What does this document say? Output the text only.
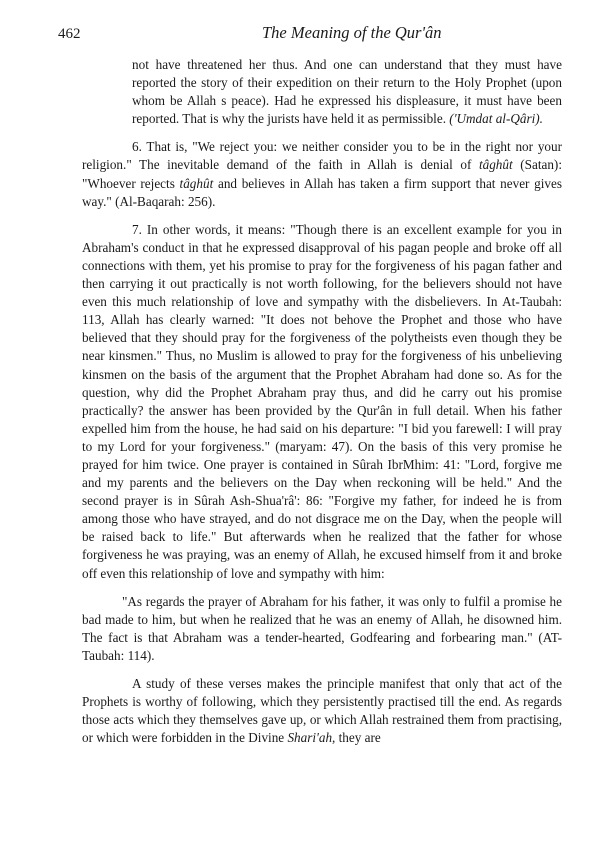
462	The Meaning of the Qur'ân

not have threatened her thus. And one can understand that they must have reported the story of their expedition on their return to the Holy Prophet (upon whom be Allah s peace). Had he expressed his displeasure, it must have been reported. That is why the jurists have held it as permissible. ('Umdat al-Qâri).

6. That is, "We reject you: we neither consider you to be in the right nor your religion." The inevitable demand of the faith in Allah is denial of tâghût (Satan): "Whoever rejects tâghût and believes in Allah has taken a firm support that never gives way." (Al-Baqarah: 256).

7. In other words, it means: "Though there is an excellent example for you in Abraham's conduct in that he expressed disapproval of his pagan people and broke off all connections with them, yet his promise to pray for the forgiveness of his pagan father and then carrying it out practically is not worth following, for the believers should not have even this much relationship of love and sympathy with the disbelievers. In At-Taubah: 113, Allah has clearly warned: "It does not behove the Prophet and those who have believed that they should pray for the forgiveness of the polytheists even though they be near kinsmen." Thus, no Muslim is allowed to pray for the forgiveness of his unbelieving kinsmen on the basis of the argument that the Prophet Abraham had done so. As for the question, why did the Prophet Abraham pray thus, and did he carry out his promise practically? the answer has been provided by the Qur'ân in full detail. When his father expelled him from the house, he had said on his departure: "I bid you farewell: I will pray to my Lord for your forgiveness." (maryam: 47). On the basis of this very promise he prayed for him twice. One prayer is contained in Sûrah IbrMhim: 41: "Lord, forgive me and my parents and the believers on the Day when reckoning will be held." And the second prayer is in Sûrah Ash-Shua'râ': 86: "Forgive my father, for indeed he is from among those who have strayed, and do not disgrace me on the Day, when the people will be raised back to life." But afterwards when he realized that the father for whose forgiveness he was praying, was an enemy of Allah, he excused himself from it and broke off even this relationship of love and sympathy with him:

"As regards the prayer of Abraham for his father, it was only to fulfil a promise he bad made to him, but when he realized that he was an enemy of Allah, he disowned him. The fact is that Abraham was a tender-hearted, Godfearing and forbearing man." (AT-Taubah: 114).

A study of these verses makes the principle manifest that only that act of the Prophets is worthy of following, which they persistently practised till the end. As regards those acts which they themselves gave up, or which Allah restrained them from practising, or which were forbidden in the Divine Shari'ah, they are
